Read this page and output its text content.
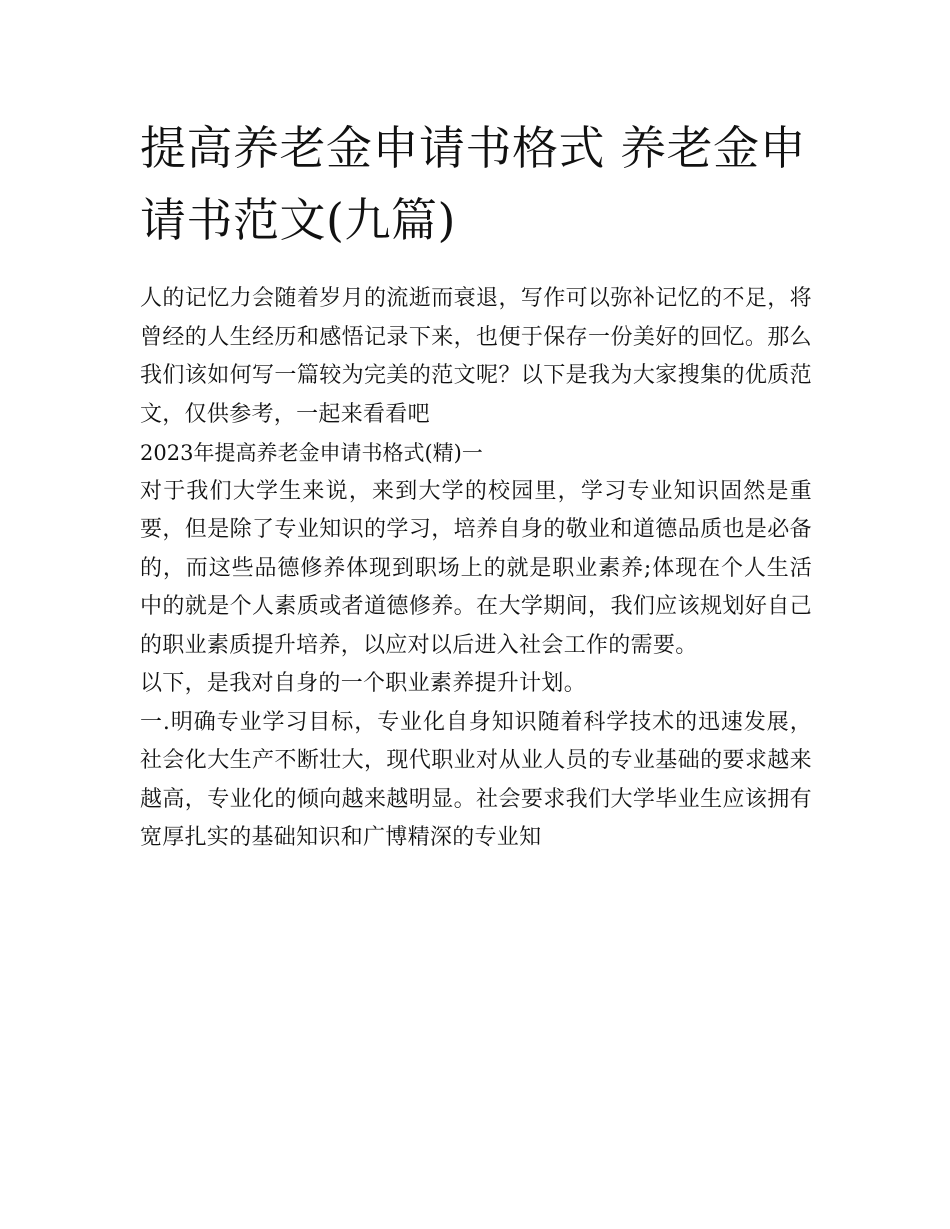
提高养老金申请书格式 养老金申请书范文(九篇)

人的记忆力会随着岁月的流逝而衰退，写作可以弥补记忆的不足，将曾经的人生经历和感悟记录下来，也便于保存一份美好的回忆。那么我们该如何写一篇较为完美的范文呢？以下是我为大家搜集的优质范文，仅供参考，一起来看看吧

2023年提高养老金申请书格式(精)一

对于我们大学生来说，来到大学的校园里，学习专业知识固然是重要，但是除了专业知识的学习，培养自身的敬业和道德品质也是必备的，而这些品德修养体现到职场上的就是职业素养;体现在个人生活中的就是个人素质或者道德修养。在大学期间，我们应该规划好自己的职业素质提升培养，以应对以后进入社会工作的需要。

以下，是我对自身的一个职业素养提升计划。

一.明确专业学习目标，专业化自身知识随着科学技术的迅速发展，社会化大生产不断壮大，现代职业对从业人员的专业基础的要求越来越高，专业化的倾向越来越明显。社会要求我们大学毕业生应该拥有宽厚扎实的基础知识和广博精深的专业知
